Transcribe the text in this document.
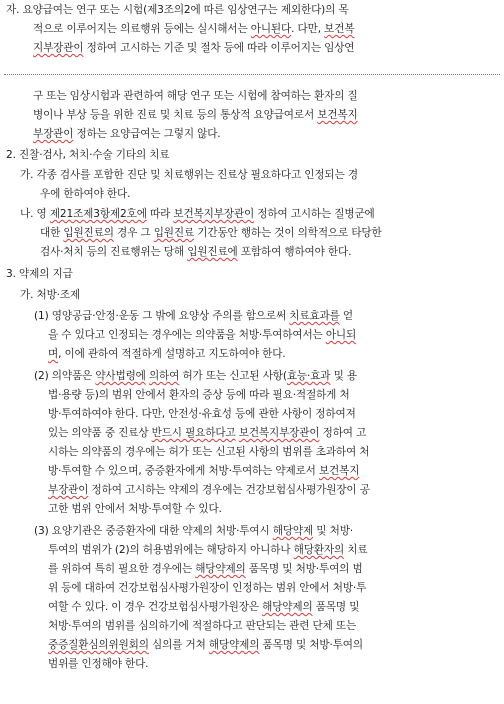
자. 요양급여는 연구 또는 시험(제3조의2에 따른 임상연구는 제외한다)의 목
적으로 이루어지는 의료행위 등에는 실시해서는 아니된다. 다만, 보건복
지부장관이 정하여 고시하는 기준 및 절차 등에 따라 이루어지는 임상연
구 또는 임상시험과 관련하여 해당 연구 또는 시험에 참여하는 환자의 질
병이나 부상 등을 위한 진료 및 치료 등의 통상적 요양급여로서 보건복지
부장관이 정하는 요양급여는 그렇지 않다.
2. 진찰·검사, 처치·수술 기타의 치료
가. 각종 검사를 포함한 진단 및 치료행위는 진료상 필요하다고 인정되는 경
우에 한하여야 한다.
나. 영 제21조제3항제2호에 따라 보건복지부장관이 정하여 고시하는 질병군에
대한 입원진료의 경우 그 입원진료 기간동안 행하는 것이 의학적으로 타당한
검사·처치 등의 진료행위는 당해 입원진료에 포함하여 행하여야 한다.
3. 약제의 지급
가. 처방·조제
(1) 영양공급·안정·운동 그 밖에 요양상 주의를 함으로써 치료효과를 얻
을 수 있다고 인정되는 경우에는 의약품을 처방·투여하여서는 아니되
며, 이에 관하여 적절하게 설명하고 지도하여야 한다.
(2) 의약품은 약사법령에 의하여 허가 또는 신고된 사항(효능·효과 및 용
법·용량 등)의 범위 안에서 환자의 증상 등에 따라 필요·적절하게 처
방·투여하여야 한다. 다만, 안전성·유효성 등에 관한 사항이 정하여져
있는 의약품 중 진료상 반드시 필요하다고 보건복지부장관이 정하여 고
시하는 의약품의 경우에는 허가 또는 신고된 사항의 범위를 초과하여 처
방·투여할 수 있으며, 중증환자에게 처방·투여하는 약제로서 보건복지
부장관이 정하여 고시하는 약제의 경우에는 건강보험심사평가원장이 공
고한 범위 안에서 처방·투여할 수 있다.
(3) 요양기관은 중증환자에 대한 약제의 처방·투여시 해당약제 및 처방·
투여의 범위가 (2)의 허용범위에는 해당하지 아니하나 해당환자의 치료
를 위하여 특히 필요한 경우에는 해당약제의 품목명 및 처방·투여의 범
위 등에 대하여 건강보험심사평가원장이 인정하는 범위 안에서 처방·투
여할 수 있다. 이 경우 건강보험심사평가원장은 해당약제의 품목명 및
처방·투여의 범위를 심의하기에 적절하다고 판단되는 관련 단체 또는
중증질환심의위원회의 심의를 거쳐 해당약제의 품목명 및 처방·투여의
범위를 인정해야 한다.
